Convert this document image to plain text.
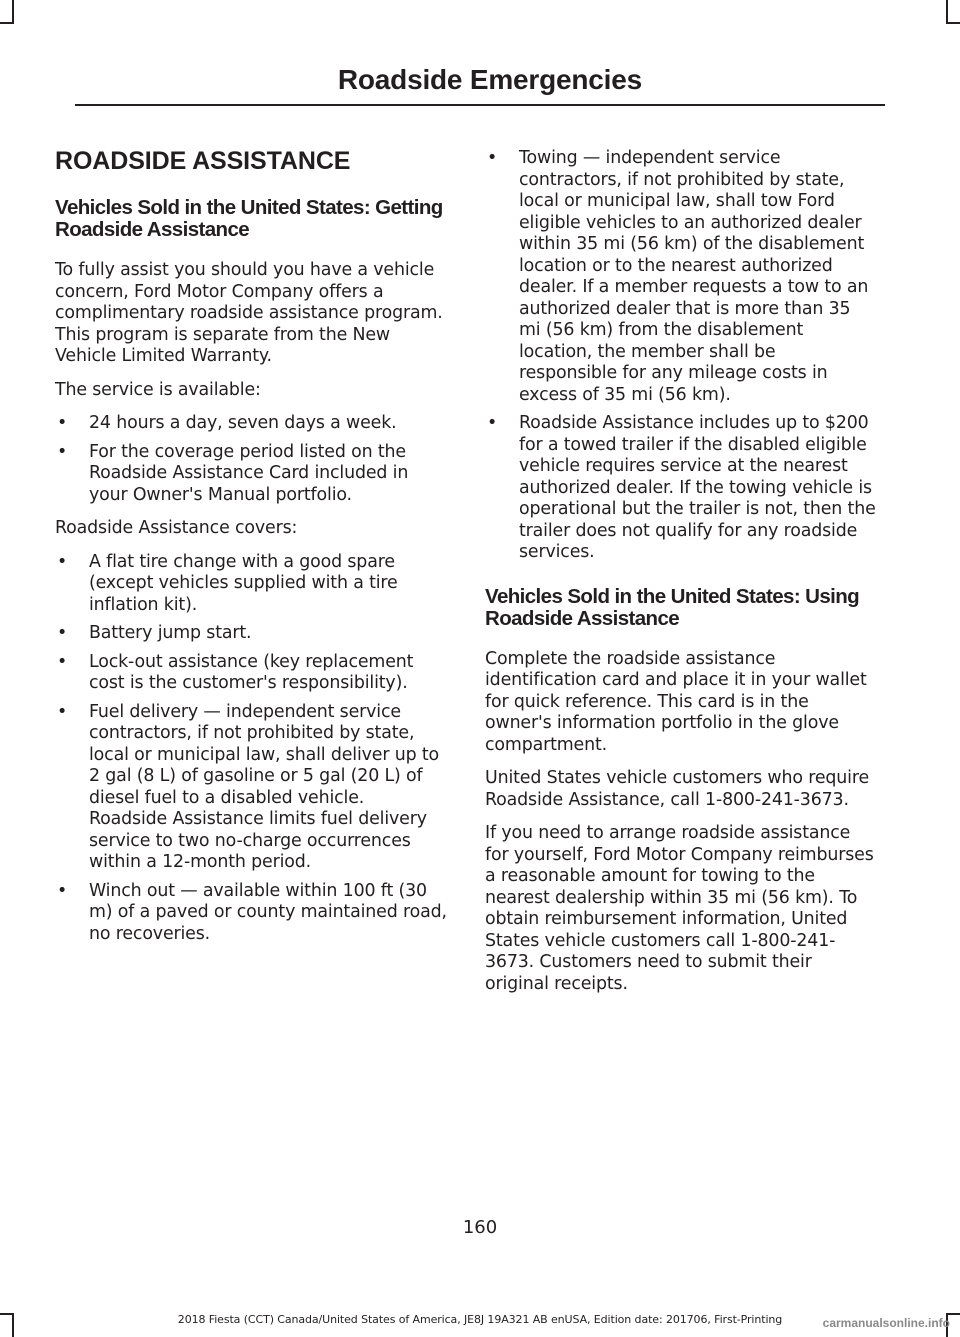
Roadside Emergencies
ROADSIDE ASSISTANCE
Vehicles Sold in the United States: Getting Roadside Assistance

To fully assist you should you have a vehicle concern, Ford Motor Company offers a complimentary roadside assistance program. This program is separate from the New Vehicle Limited Warranty.

The service is available:

• 24 hours a day, seven days a week.
• For the coverage period listed on the Roadside Assistance Card included in your Owner's Manual portfolio.

Roadside Assistance covers:

• A flat tire change with a good spare (except vehicles supplied with a tire inflation kit).
• Battery jump start.
• Lock-out assistance (key replacement cost is the customer's responsibility).
• Fuel delivery — independent service contractors, if not prohibited by state, local or municipal law, shall deliver up to 2 gal (8 L) of gasoline or 5 gal (20 L) of diesel fuel to a disabled vehicle. Roadside Assistance limits fuel delivery service to two no-charge occurrences within a 12-month period.
• Winch out — available within 100 ft (30 m) of a paved or county maintained road, no recoveries.
• Towing — independent service contractors, if not prohibited by state, local or municipal law, shall tow Ford eligible vehicles to an authorized dealer within 35 mi (56 km) of the disablement location or to the nearest authorized dealer. If a member requests a tow to an authorized dealer that is more than 35 mi (56 km) from the disablement location, the member shall be responsible for any mileage costs in excess of 35 mi (56 km).
• Roadside Assistance includes up to $200 for a towed trailer if the disabled eligible vehicle requires service at the nearest authorized dealer. If the towing vehicle is operational but the trailer is not, then the trailer does not qualify for any roadside services.
Vehicles Sold in the United States: Using Roadside Assistance

Complete the roadside assistance identification card and place it in your wallet for quick reference. This card is in the owner's information portfolio in the glove compartment.

United States vehicle customers who require Roadside Assistance, call 1-800-241-3673.

If you need to arrange roadside assistance for yourself, Ford Motor Company reimburses a reasonable amount for towing to the nearest dealership within 35 mi (56 km). To obtain reimbursement information, United States vehicle customers call 1-800-241-3673. Customers need to submit their original receipts.

160
2018 Fiesta (CCT) Canada/United States of America, JE8J 19A321 AB enUSA, Edition date: 201706, First-Printing	carmanualsonline.info
